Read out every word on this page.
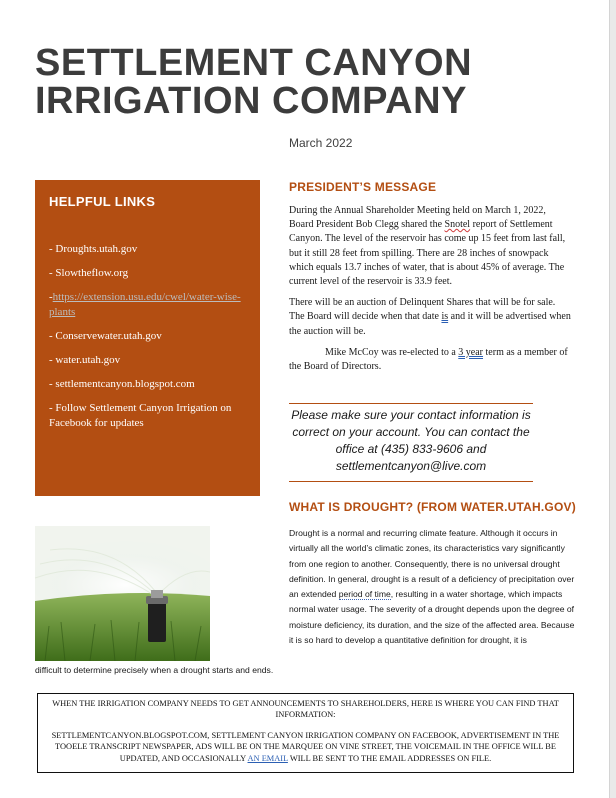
SETTLEMENT CANYON
IRRIGATION COMPANY
March 2022
HELPFUL LINKS
- Droughts.utah.gov
- Slowtheflow.org
-https://extension.usu.edu/cwel/water-wise-plants
- Conservewater.utah.gov
- water.utah.gov
- settlementcanyon.blogspot.com
- Follow Settlement Canyon Irrigation on Facebook for updates
PRESIDENT’S MESSAGE

During the Annual Shareholder Meeting held on March 1, 2022, Board President Bob Clegg shared the Snotel report of Settlement Canyon. The level of the reservoir has come up 15 feet from last fall, but it still 28 feet from spilling. There are 28 inches of snowpack which equals 13.7 inches of water, that is about 45% of average. The current level of the reservoir is 33.9 feet.

There will be an auction of Delinquent Shares that will be for sale. The Board will decide when that date is and it will be advertised when the auction will be.

Mike McCoy was re-elected to a 3 year term as a member of the Board of Directors.

Please make sure your contact information is correct on your account. You can contact the office at (435) 833-9606 and settlementcanyon@live.com
WHAT IS DROUGHT? (FROM WATER.UTAH.GOV)
Drought is a normal and recurring climate feature. Although it occurs in virtually all the world’s climatic zones, its characteristics vary significantly from one region to another. Consequently, there is no universal drought definition. In general, drought is a result of a deficiency of precipitation over an extended period of time, resulting in a water shortage, which impacts normal water usage. The severity of a drought depends upon the degree of moisture deficiency, its duration, and the size of the affected area. Because it is so hard to develop a quantitative definition for drought, it is
difficult to determine precisely when a drought starts and ends.

WHEN THE IRRIGATION COMPANY NEEDS TO GET ANNOUNCEMENTS TO SHAREHOLDERS, HERE IS WHERE YOU CAN FIND THAT INFORMATION:

SETTLEMENTCANYON.BLOGSPOT.COM, SETTLEMENT CANYON IRRIGATION COMPANY ON FACEBOOK, ADVERTISEMENT IN THE TOOELE TRANSCRIPT NEWSPAPER, ADS WILL BE ON THE MARQUEE ON VINE STREET, THE VOICEMAIL IN THE OFFICE WILL BE UPDATED, AND OCCASIONALLY AN EMAIL WILL BE SENT TO THE EMAIL ADDRESSES ON FILE.
